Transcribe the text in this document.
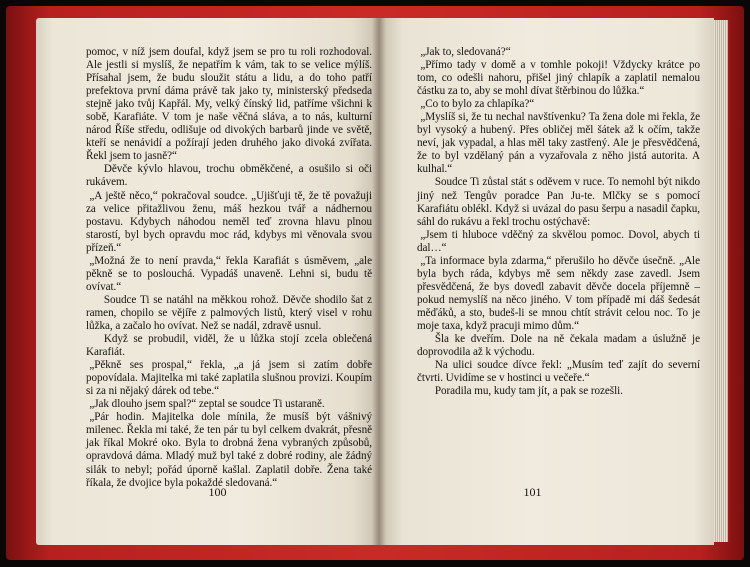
pomoc, v níž jsem doufal, když jsem se pro tu roli rozhodoval. Ale jestli si myslíš, že nepatřím k vám, tak to se velice mýlíš. Přísahal jsem, že budu sloužit státu a lidu, a do toho patří prefektova první dáma právě tak jako ty, ministerský předseda stejně jako tvůj Kapřál. My, velký čínský lid, patříme všichni k sobě, Karafiáte. V tom je naše věčná sláva, a to nás, kulturní národ Říše středu, odlišuje od divokých barbarů jinde ve světě, kteří se nenávidí a požírají jeden druhého jako divoká zvířata. Řekl jsem to jasně?“

Děvče kývlo hlavou, trochu obměkčené, a osušilo si oči rukávem.

„A ještě něco,“ pokračoval soudce. „Ujišťuji tě, že tě považuji za velice přitažlivou ženu, máš hezkou tvář a nádhernou postavu. Kdybych náhodou neměl teď zrovna hlavu plnou starostí, byl bych opravdu moc rád, kdybys mi věnovala svou přízeň.“

„Možná že to není pravda,“ řekla Karafiát s úsměvem, „ale pěkně se to poslouchá. Vypadáš unaveně. Lehni si, budu tě ovívat.“

Soudce Ti se natáhl na měkkou rohož. Děvče shodilo šat z ramen, chopilo se vějíře z palmových listů, který visel v rohu lůžka, a začalo ho ovívat. Než se nadál, zdravě usnul.

Když se probudil, viděl, že u lůžka stojí zcela oblečená Karafiát.

„Pěkně ses prospal,“ řekla, „a já jsem si zatím dobře popovídala. Majitelka mi také zaplatila slušnou provizi. Koupím si za ni nějaký dárek od tebe.“

„Jak dlouho jsem spal?“ zeptal se soudce Ti ustaraně.

„Pár hodin. Majitelka dole mínila, že musíš být vášnivý milenec. Řekla mi také, že ten pár tu byl celkem dvakrát, přesně jak říkal Mokré oko. Byla to drobná žena vybraných způsobů, opravdová dáma. Mladý muž byl také z dobré rodiny, ale žádný silák to nebyl; pořád úporně kašlal. Zaplatil dobře. Žena také říkala, že dvojice byla pokaždé sledovaná.“

100

„Jak to, sledovaná?“

„Přímo tady v domě a v tomhle pokoji! Vždycky krátce po tom, co odešli nahoru, přišel jiný chlapík a zaplatil nemalou částku za to, aby se mohl dívat štěrbinou do lůžka.“

„Co to bylo za chlapíka?“

„Myslíš si, že tu nechal navštívenku? Ta žena dole mi řekla, že byl vysoký a hubený. Přes obličej měl šátek až k očím, takže neví, jak vypadal, a hlas měl taky zastřený. Ale je přesvědčená, že to byl vzdělaný pán a vyzařovala z něho jistá autorita. A kulhal.“

Soudce Ti zůstal stát s oděvem v ruce. To nemohl být nikdo jiný než Tengův poradce Pan Ju-te. Mlčky se s pomocí Karafiátu oblékl. Když si uvázal do pasu šerpu a nasadil čapku, sáhl do rukávu a řekl trochu ostýchavě:

„Jsem ti hluboce vděčný za skvělou pomoc. Dovol, abych ti dal…“

„Ta informace byla zdarma,“ přerušilo ho děvče úsečně. „Ale byla bych ráda, kdybys mě sem někdy zase zavedl. Jsem přesvědčená, že bys dovedl zabavit děvče docela příjemně – pokud nemyslíš na něco jiného. V tom případě mi dáš šedesát měďáků, a sto, budeš-li se mnou chtít strávit celou noc. To je moje taxa, když pracuji mimo dům.“

Šla ke dveřím. Dole na ně čekala madam a úslužně je doprovodila až k východu.

Na ulici soudce dívce řekl: „Musím teď zajít do severní čtvrti. Uvidíme se v hostinci u večeře.“

Poradila mu, kudy tam jít, a pak se rozešli.

101
